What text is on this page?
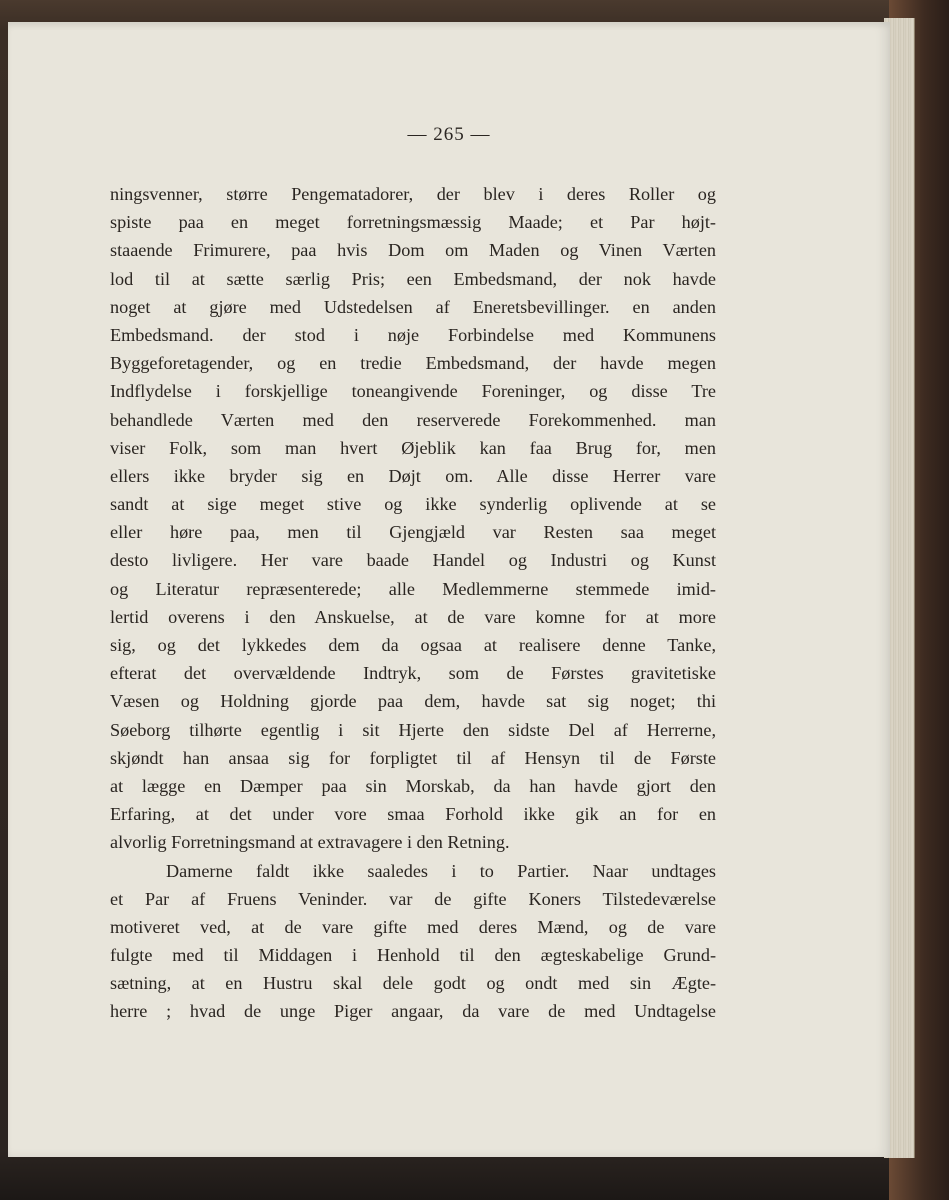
— 265 —

ningsvenner, større Pengematadorer, der blev i deres Roller og
spiste paa en meget forretningsmæssig Maade; et Par højt-
staaende Frimurere, paa hvis Dom om Maden og Vinen Værten
lod til at sætte særlig Pris; een Embedsmand, der nok havde
noget at gjøre med Udstedelsen af Eneretsbevillinger. en anden
Embedsmand. der stod i nøje Forbindelse med Kommunens
Byggeforetagender, og en tredie Embedsmand, der havde megen
Indflydelse i forskjellige toneangivende Foreninger, og disse Tre
behandlede Værten med den reserverede Forekommenhed. man
viser Folk, som man hvert Øjeblik kan faa Brug for, men
ellers ikke bryder sig en Døjt om. Alle disse Herrer vare
sandt at sige meget stive og ikke synderlig oplivende at se
eller høre paa, men til Gjengjæld var Resten saa meget
desto livligere. Her vare baade Handel og Industri og Kunst
og Literatur repræsenterede; alle Medlemmerne stemmede imid-
lertid overens i den Anskuelse, at de vare komne for at more
sig, og det lykkedes dem da ogsaa at realisere denne Tanke,
efterat det overvældende Indtryk, som de Førstes gravitetiske
Væsen og Holdning gjorde paa dem, havde sat sig noget; thi
Søeborg tilhørte egentlig i sit Hjerte den sidste Del af Herrerne,
skjøndt han ansaa sig for forpligtet til af Hensyn til de Første
at lægge en Dæmper paa sin Morskab, da han havde gjort den
Erfaring, at det under vore smaa Forhold ikke gik an for en
alvorlig Forretningsmand at extravagere i den Retning.
Damerne faldt ikke saaledes i to Partier. Naar undtages
et Par af Fruens Veninder. var de gifte Koners Tilstedeværelse
motiveret ved, at de vare gifte med deres Mænd, og de vare
fulgte med til Middagen i Henhold til den ægteskabelige Grund-
sætning, at en Hustru skal dele godt og ondt med sin Ægte-
herre ; hvad de unge Piger angaar, da vare de med Undtagelse
